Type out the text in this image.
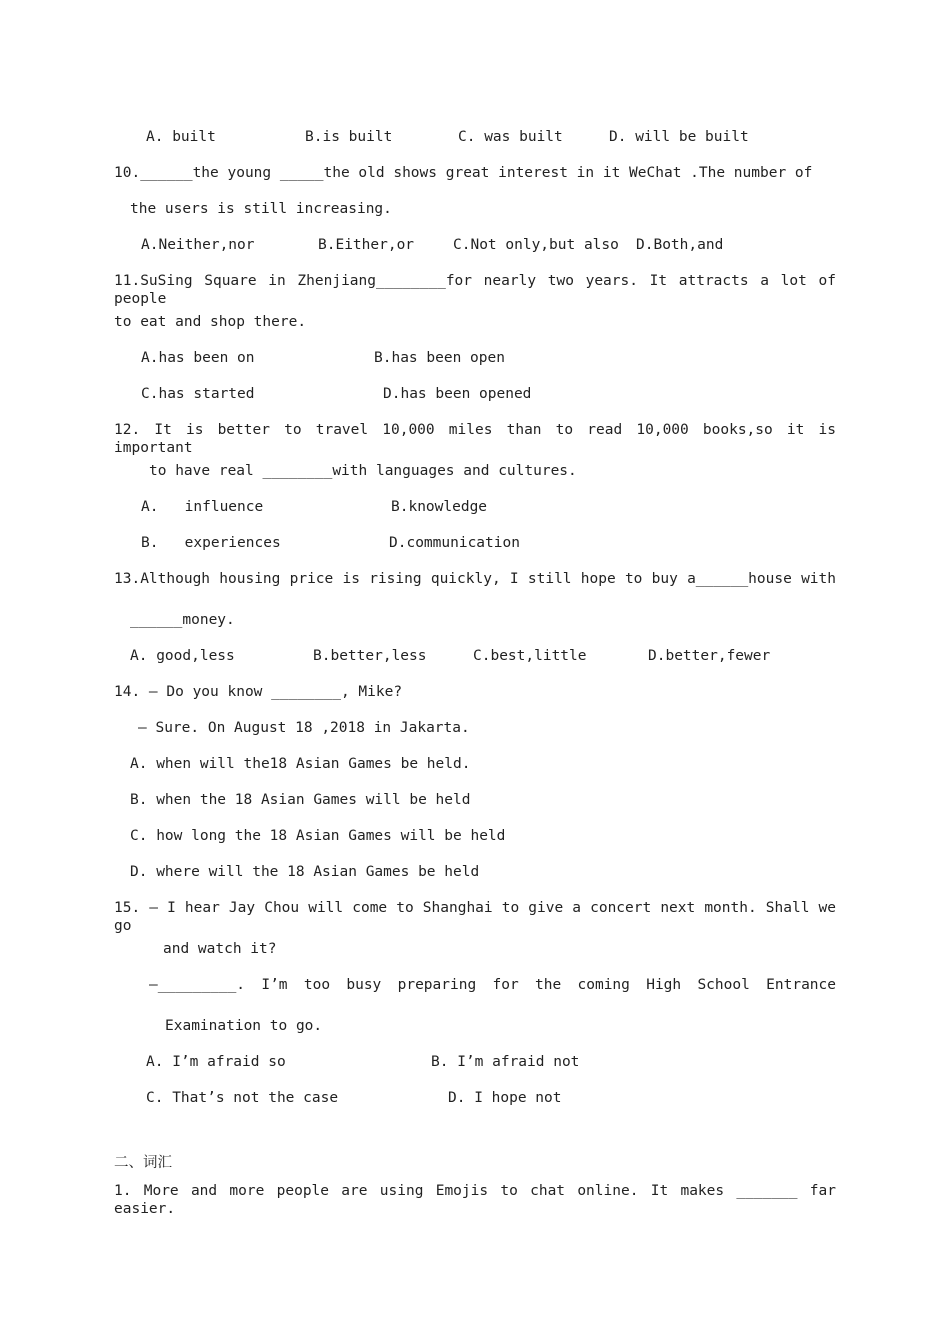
A. built	B.is built	C. was built	D. will be built
10.______the young _____the old shows great interest in it WeChat .The number of
the users is still increasing.
A.Neither,nor	B.Either,or	C.Not only,but also D.Both,and
11.SuSing Square in Zhenjiang________for nearly two years. It attracts a lot of people
to eat and shop there.
A.has been on	B.has been open
C.has started	D.has been opened
12. It is better to travel 10,000 miles than to read 10,000 books,so it is important
to have real ________with languages and cultures.
A.   influence	B.knowledge
B.   experiences	D.communication
13.Although housing price is rising quickly, I still hope to buy a______house with
______money.
A. good,less	B.better,less	C.best,little	D.better,fewer
14. — Do you know ________, Mike?
— Sure. On August 18 ,2018 in Jakarta.
A. when will the18 Asian Games be held.
B. when the 18 Asian Games will be held
C. how long the 18 Asian Games will be held
D. where will the 18 Asian Games be held
15. — I hear Jay Chou will come to Shanghai to give a concert next month. Shall we go
and watch it?
—_________. I’m too busy preparing for the coming High School Entrance
Examination to go.
A. I’m afraid so	B. I’m afraid not
C. That’s not the case	D. I hope not
二、词汇
1. More and more people are using Emojis to chat online. It makes _______ far easier.
